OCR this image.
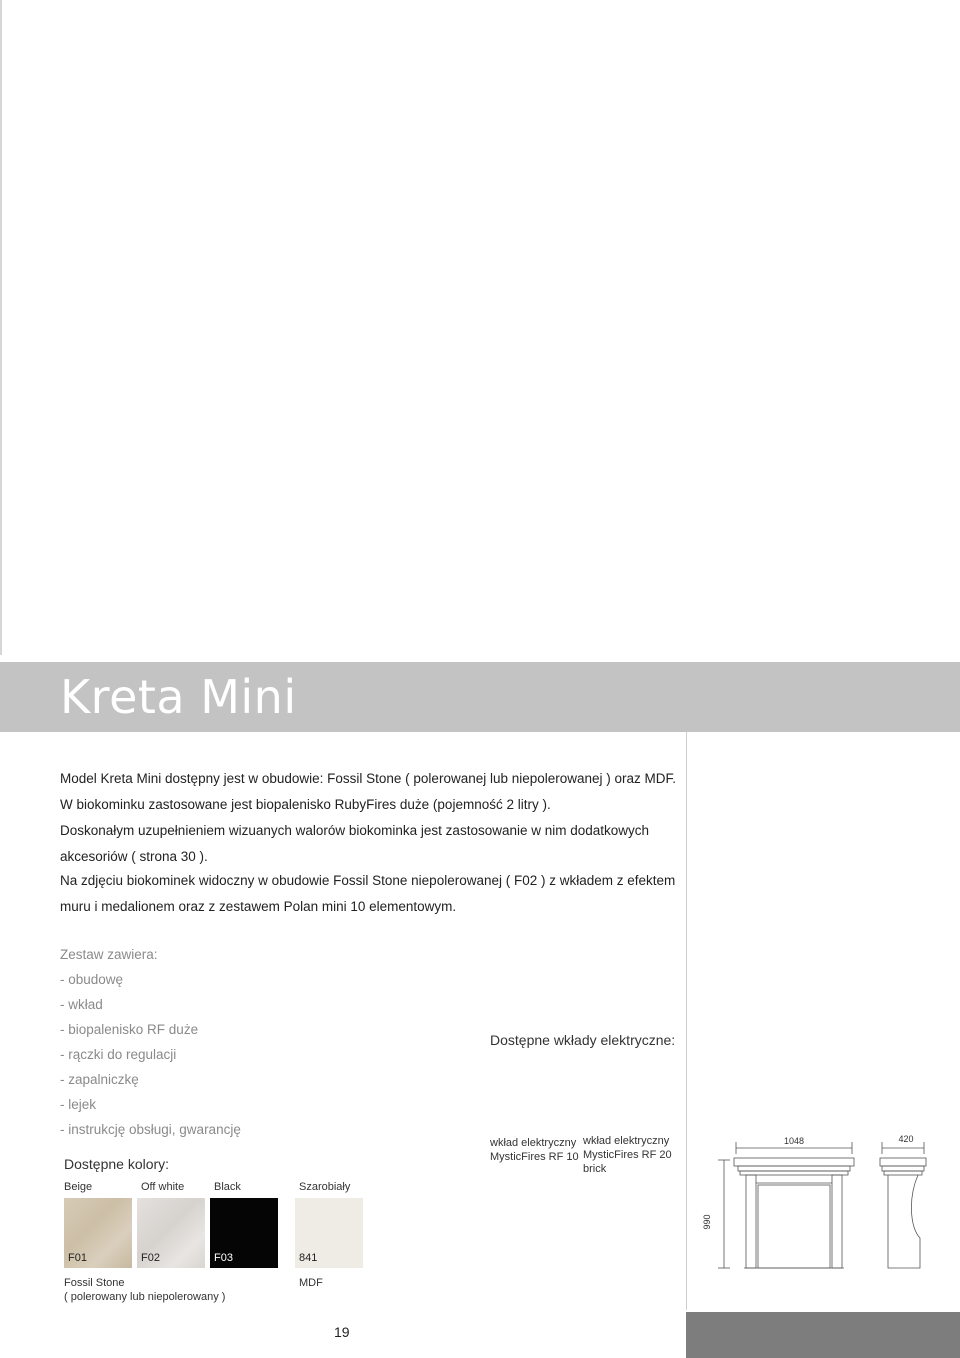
Kreta Mini
Model Kreta Mini dostępny jest w obudowie: Fossil Stone ( polerowanej lub niepolerowanej ) oraz MDF.
W biokominku zastosowane jest biopalenisko RubyFires duże (pojemność 2 litry ).
Doskonałym uzupełnieniem wizuanych walorów biokominka jest zastosowanie w nim dodatkowych
akcesoriów ( strona 30 ).
Na zdjęciu biokominek widoczny w obudowie Fossil Stone niepolerowanej ( F02 ) z wkładem z efektem
muru i medalionem oraz z zestawem Polan mini 10 elementowym.
Zestaw zawiera:
- obudowę
- wkład
- biopalenisko RF duże
- rączki do regulacji
- zapalniczkę
- lejek
- instrukcję obsługi, gwarancję
Dostępne wkłady elektryczne:
wkład elektryczny
MysticFires RF 10
wkład elektryczny
MysticFires RF 20
brick
Dostępne kolory:
Beige	Off white	Black	Szarobiały
F01	F02	F03	841
Fossil Stone
( polerowany lub niepolerowany )
MDF
1048	420
990
19
